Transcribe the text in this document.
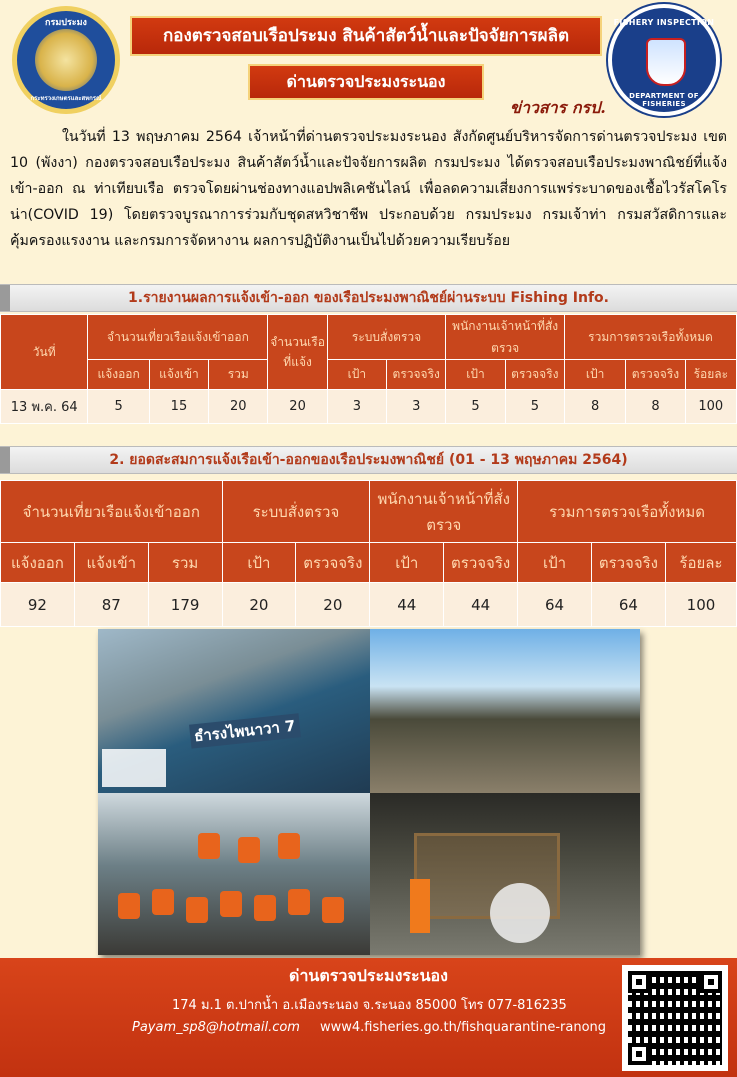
กรมประมง
กระทรวงเกษตรและสหกรณ์
กองตรวจสอบเรือประมง สินค้าสัตว์น้ำและปัจจัยการผลิต
ด่านตรวจประมงระนอง
FISHERY INSPECTION
DEPARTMENT OF FISHERIES
ข่าวสาร กรป.

ในวันที่ 13 พฤษภาคม 2564 เจ้าหน้าที่ด่านตรวจประมงระนอง สังกัดศูนย์บริหารจัดการด่านตรวจประมง เขต 10 (พังงา) กองตรวจสอบเรือประมง สินค้าสัตว์น้ำและปัจจัยการผลิต กรมประมง ได้ตรวจสอบเรือประมงพาณิชย์ที่แจ้งเข้า-ออก ณ ท่าเทียบเรือ ตรวจโดยผ่านช่องทางแอปพลิเคชันไลน์ เพื่อลดความเสี่ยงการแพร่ระบาดของเชื้อไวรัสโคโรน่า(COVID 19) โดยตรวจบูรณาการร่วมกับชุดสหวิชาชีพ ประกอบด้วย กรมประมง กรมเจ้าท่า กรมสวัสดิการและคุ้มครองแรงงาน และกรมการจัดหางาน ผลการปฏิบัติงานเป็นไปด้วยความเรียบร้อย

1.รายงานผลการแจ้งเข้า-ออก ของเรือประมงพาณิชย์ผ่านระบบ Fishing Info.
วันที่	จำนวนเที่ยวเรือแจ้งเข้าออก			จำนวนเรือที่แจ้ง	ระบบสั่งตรวจ		พนักงานเจ้าหน้าที่สั่งตรวจ		รวมการตรวจเรือทั้งหมด		
	แจ้งออก	แจ้งเข้า	รวม		เป้า	ตรวจจริง	เป้า	ตรวจจริง	เป้า	ตรวจจริง	ร้อยละ
13 พ.ค. 64	5	15	20	20	3	3	5	5	8	8	100
2. ยอดสะสมการแจ้งเรือเข้า-ออกของเรือประมงพาณิชย์ (01 - 13 พฤษภาคม 2564)
จำนวนเที่ยวเรือแจ้งเข้าออก			ระบบสั่งตรวจ		พนักงานเจ้าหน้าที่สั่งตรวจ		รวมการตรวจเรือทั้งหมด		
แจ้งออก	แจ้งเข้า	รวม	เป้า	ตรวจจริง	เป้า	ตรวจจริง	เป้า	ตรวจจริง	ร้อยละ
92	87	179	20	20	44	44	64	64	100
ธำรงไพนาวา 7
ด่านตรวจประมงระนอง
174 ม.1 ต.ปากน้ำ อ.เมืองระนอง จ.ระนอง 85000 โทร 077-816235
Payam_sp8@hotmail.com www4.fisheries.go.th/fishquarantine-ranong
